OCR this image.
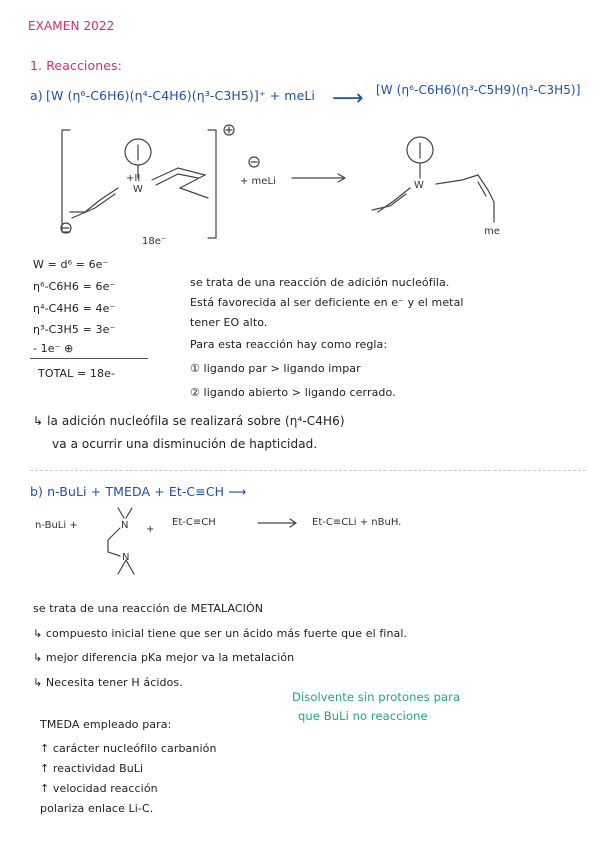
EXAMEN 2022
1. Reacciones:
a) [W (η⁶-C6H6)(η⁴-C4H6)(η³-C3H5)]⁺ + meLi ⟶ [W (η⁶-C6H6)(η³-C5H9)(η³-C3H5)]
+II
W
18e⁻
+ meLi	W
me
W = d⁶ = 6e⁻
η⁶-C6H6 = 6e⁻
η⁴-C4H6 = 4e⁻
η³-C3H5 = 3e⁻
- 1e⁻ ⊕
TOTAL = 18e-
se trata de una reacción de adición nucleófila.
Está favorecida al ser deficiente en e⁻ y el metal
tener EO alto.
Para esta reacción hay como regla:
① ligando par > ligando impar
② ligando abierto > ligando cerrado.
↳ la adición nucleófila se realizará sobre (η⁴-C4H6)
va a ocurrir una disminución de hapticidad.
b) n-BuLi + TMEDA + Et-C≡CH ⟶
n-BuLi +	N
N
+
Et-C≡CH	Et-C≡CLi + nBuH.
se trata de una reacción de METALACIÓN
↳ compuesto inicial tiene que ser un ácido más fuerte que el final.
↳ mejor diferencia pKa mejor va la metalación
↳ Necesita tener H ácidos.
Disolvente sin protones para
que BuLi no reaccione
TMEDA empleado para:
↑ carácter nucleófilo carbanión
↑ reactividad BuLi
↑ velocidad reacción
polariza enlace Li-C.
